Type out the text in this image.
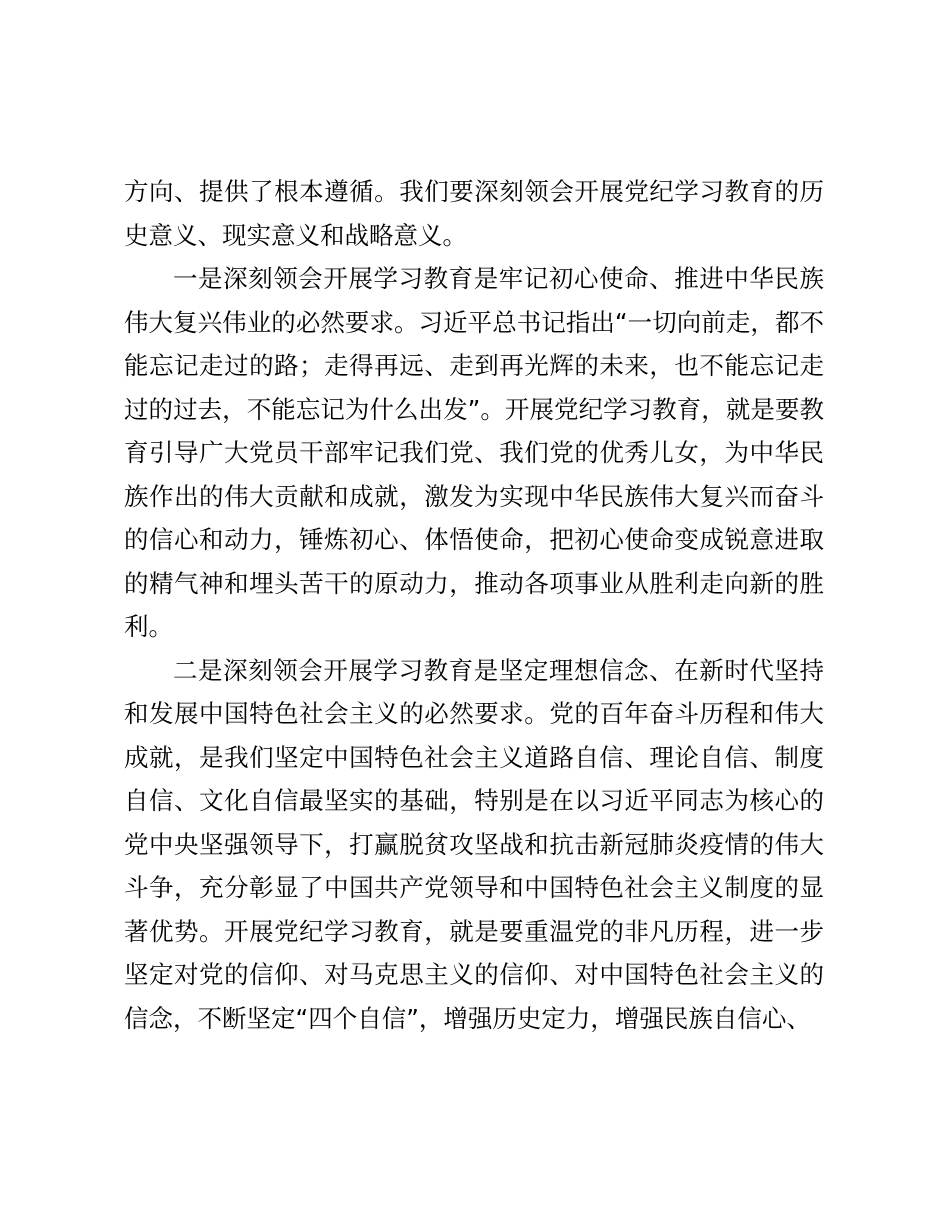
方向、提供了根本遵循。我们要深刻领会开展党纪学习教育的历史意义、现实意义和战略意义。

一是深刻领会开展学习教育是牢记初心使命、推进中华民族伟大复兴伟业的必然要求。习近平总书记指出“一切向前走，都不能忘记走过的路；走得再远、走到再光辉的未来，也不能忘记走过的过去，不能忘记为什么出发”。开展党纪学习教育，就是要教育引导广大党员干部牢记我们党、我们党的优秀儿女，为中华民族作出的伟大贡献和成就，激发为实现中华民族伟大复兴而奋斗的信心和动力，锤炼初心、体悟使命，把初心使命变成锐意进取的精气神和埋头苦干的原动力，推动各项事业从胜利走向新的胜利。

二是深刻领会开展学习教育是坚定理想信念、在新时代坚持和发展中国特色社会主义的必然要求。党的百年奋斗历程和伟大成就，是我们坚定中国特色社会主义道路自信、理论自信、制度自信、文化自信最坚实的基础，特别是在以习近平同志为核心的党中央坚强领导下，打赢脱贫攻坚战和抗击新冠肺炎疫情的伟大斗争，充分彰显了中国共产党领导和中国特色社会主义制度的显著优势。开展党纪学习教育，就是要重温党的非凡历程，进一步坚定对党的信仰、对马克思主义的信仰、对中国特色社会主义的信念，不断坚定“四个自信”，增强历史定力，增强民族自信心、
